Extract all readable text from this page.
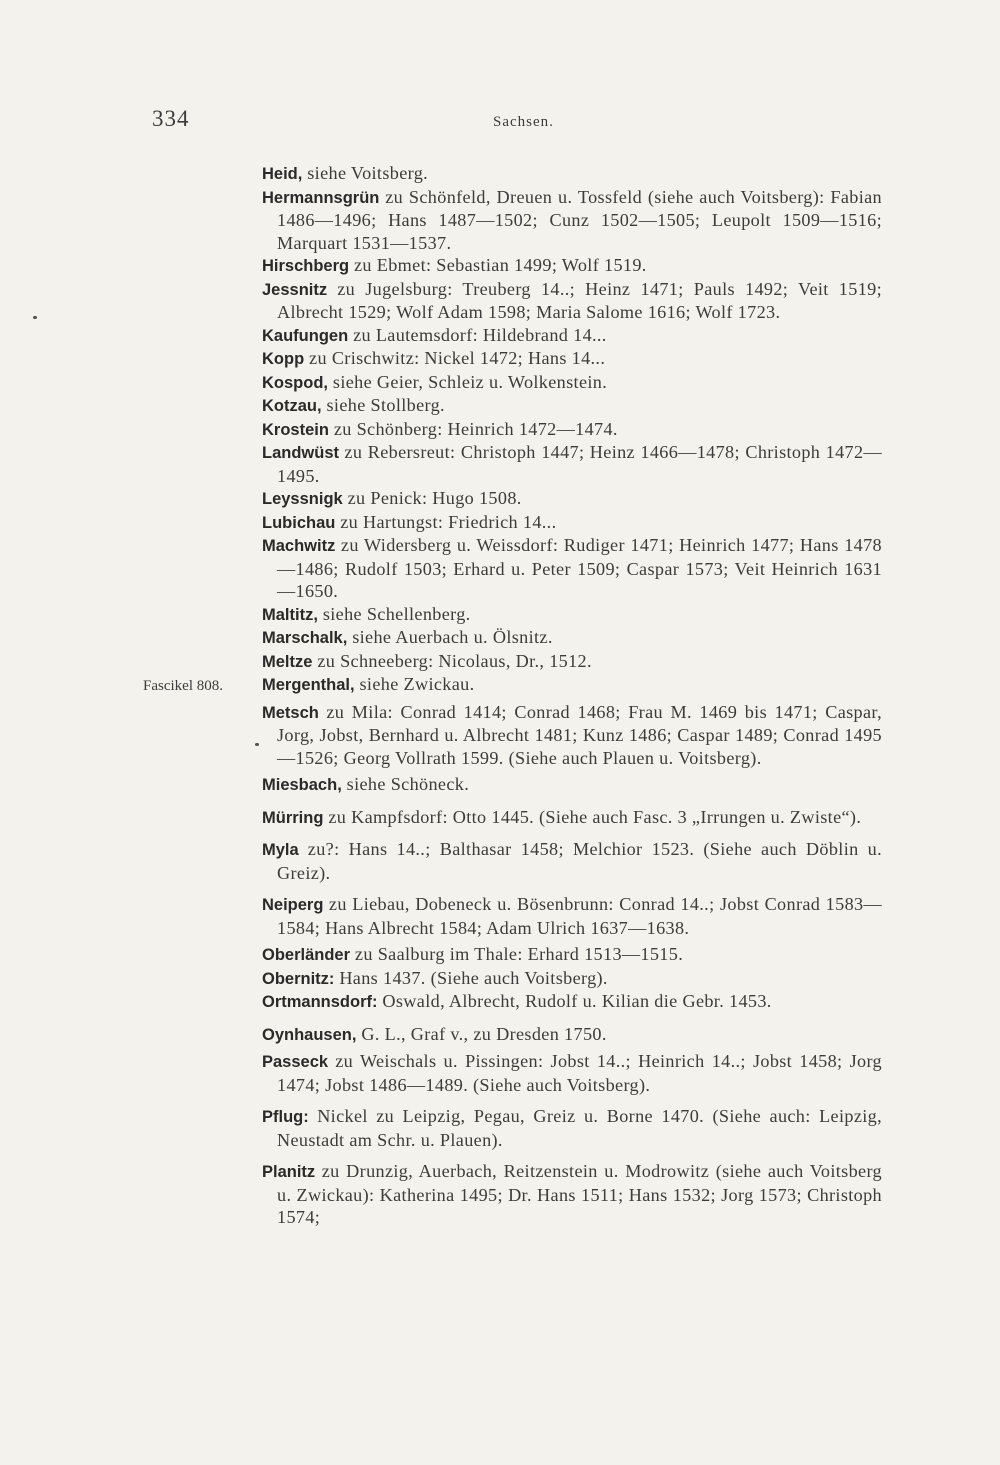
334	Sachsen.
Fascikel 808.

Heid, siehe Voitsberg.

Hermannsgrün zu Schönfeld, Dreuen u. Tossfeld (siehe auch Voitsberg): Fabian 1486—1496; Hans 1487—1502; Cunz 1502—1505; Leupolt 1509—1516; Marquart 1531—1537.

Hirschberg zu Ebmet: Sebastian 1499; Wolf 1519.

Jessnitz zu Jugelsburg: Treuberg 14..; Heinz 1471; Pauls 1492; Veit 1519; Albrecht 1529; Wolf Adam 1598; Maria Salome 1616; Wolf 1723.

Kaufungen zu Lautemsdorf: Hildebrand 14...

Kopp zu Crischwitz: Nickel 1472; Hans 14...

Kospod, siehe Geier, Schleiz u. Wolkenstein.

Kotzau, siehe Stollberg.

Krostein zu Schönberg: Heinrich 1472—1474.

Landwüst zu Rebersreut: Christoph 1447; Heinz 1466—1478; Christoph 1472—1495.

Leyssnigk zu Penick: Hugo 1508.

Lubichau zu Hartungst: Friedrich 14...

Machwitz zu Widersberg u. Weissdorf: Rudiger 1471; Heinrich 1477; Hans 1478—1486; Rudolf 1503; Erhard u. Peter 1509; Caspar 1573; Veit Heinrich 1631—1650.

Maltitz, siehe Schellenberg.

Marschalk, siehe Auerbach u. Ölsnitz.

Meltze zu Schneeberg: Nicolaus, Dr., 1512.

Mergenthal, siehe Zwickau.

Metsch zu Mila: Conrad 1414; Conrad 1468; Frau M. 1469 bis 1471; Caspar, Jorg, Jobst, Bernhard u. Albrecht 1481; Kunz 1486; Caspar 1489; Conrad 1495—1526; Georg Vollrath 1599. (Siehe auch Plauen u. Voitsberg).

Miesbach, siehe Schöneck.

Mürring zu Kampfsdorf: Otto 1445. (Siehe auch Fasc. 3 „Irrungen u. Zwiste“).

Myla zu?: Hans 14..; Balthasar 1458; Melchior 1523. (Siehe auch Döblin u. Greiz).

Neiperg zu Liebau, Dobeneck u. Bösenbrunn: Conrad 14..; Jobst Conrad 1583—1584; Hans Albrecht 1584; Adam Ulrich 1637—1638.

Oberländer zu Saalburg im Thale: Erhard 1513—1515.

Obernitz: Hans 1437. (Siehe auch Voitsberg).

Ortmannsdorf: Oswald, Albrecht, Rudolf u. Kilian die Gebr. 1453.

Oynhausen, G. L., Graf v., zu Dresden 1750.

Passeck zu Weischals u. Pissingen: Jobst 14..; Heinrich 14..; Jobst 1458; Jorg 1474; Jobst 1486—1489. (Siehe auch Voitsberg).

Pflug: Nickel zu Leipzig, Pegau, Greiz u. Borne 1470. (Siehe auch: Leipzig, Neustadt am Schr. u. Plauen).

Planitz zu Drunzig, Auerbach, Reitzenstein u. Modrowitz (siehe auch Voitsberg u. Zwickau): Katherina 1495; Dr. Hans 1511; Hans 1532; Jorg 1573; Christoph 1574;
